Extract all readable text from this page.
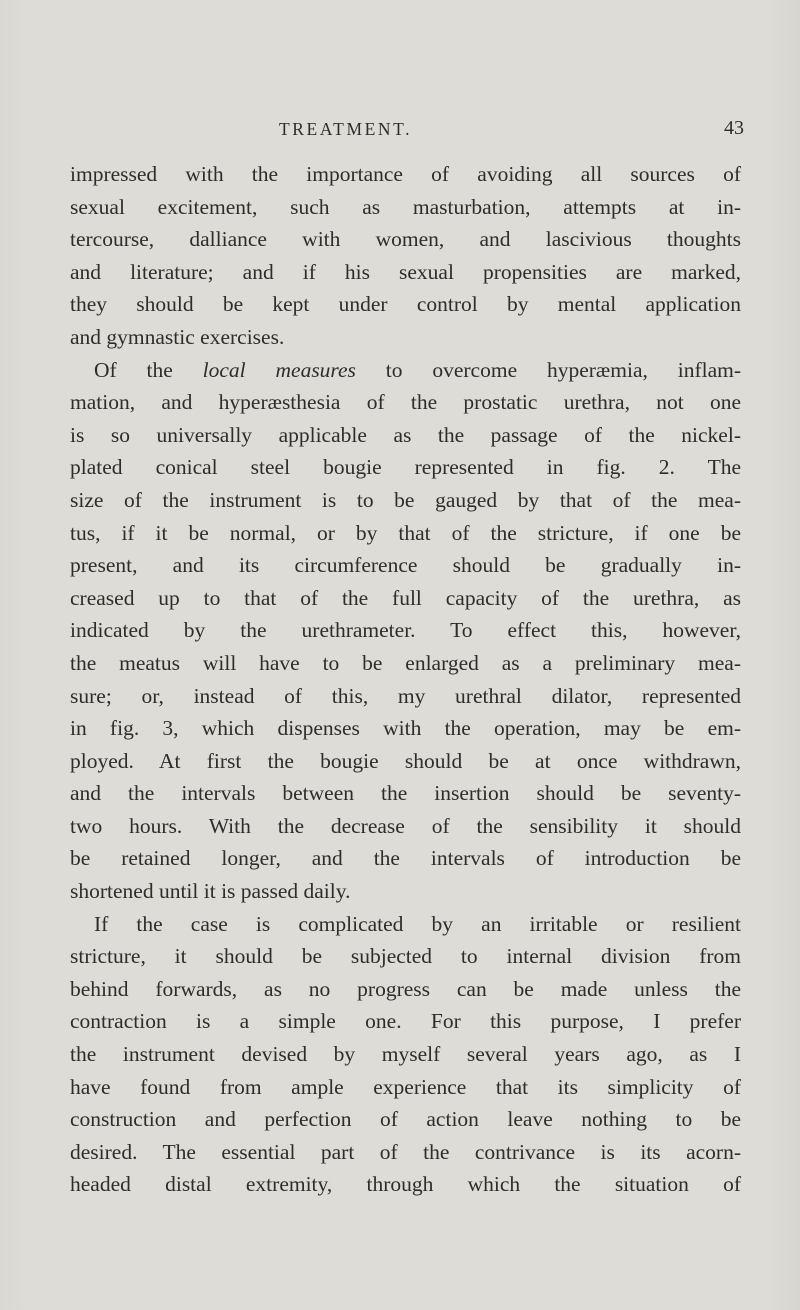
TREATMENT.	43
impressed with the importance of avoiding all sources of
sexual excitement, such as masturbation, attempts at in-
tercourse, dalliance with women, and lascivious thoughts
and literature; and if his sexual propensities are marked,
they should be kept under control by mental application
and gymnastic exercises.
Of the local measures to overcome hyperæmia, inflam-
mation, and hyperæsthesia of the prostatic urethra, not one
is so universally applicable as the passage of the nickel-
plated conical steel bougie represented in fig. 2. The
size of the instrument is to be gauged by that of the mea-
tus, if it be normal, or by that of the stricture, if one be
present, and its circumference should be gradually in-
creased up to that of the full capacity of the urethra, as
indicated by the urethrameter. To effect this, however,
the meatus will have to be enlarged as a preliminary mea-
sure; or, instead of this, my urethral dilator, represented
in fig. 3, which dispenses with the operation, may be em-
ployed. At first the bougie should be at once withdrawn,
and the intervals between the insertion should be seventy-
two hours. With the decrease of the sensibility it should
be retained longer, and the intervals of introduction be
shortened until it is passed daily.
If the case is complicated by an irritable or resilient
stricture, it should be subjected to internal division from
behind forwards, as no progress can be made unless the
contraction is a simple one. For this purpose, I prefer
the instrument devised by myself several years ago, as I
have found from ample experience that its simplicity of
construction and perfection of action leave nothing to be
desired. The essential part of the contrivance is its acorn-
headed distal extremity, through which the situation of
